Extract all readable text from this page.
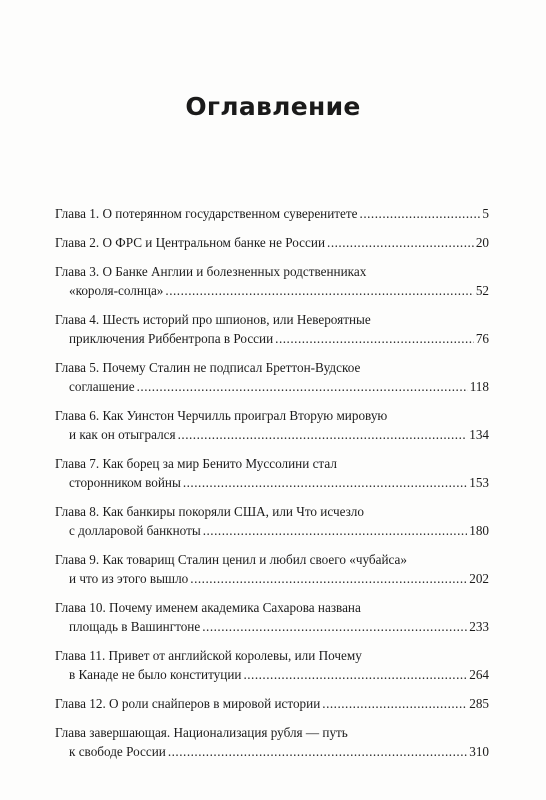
Оглавление
Глава 1. О потерянном государственном суверенитете .....	5
Глава 2. О ФРС и Центральном банке не России .....	20
Глава 3. О Банке Англии и болезненных родственниках
«короля-солнца» .....	52
Глава 4. Шесть историй про шпионов, или Невероятные
приключения Риббентропа в России .....	76
Глава 5. Почему Сталин не подписал Бреттон-Вудское
соглашение .....	118
Глава 6. Как Уинстон Черчилль проиграл Вторую мировую
и как он отыгрался .....	134
Глава 7. Как борец за мир Бенито Муссолини стал
сторонником войны .....	153
Глава 8. Как банкиры покоряли США, или Что исчезло
с долларовой банкноты .....	180
Глава 9. Как товарищ Сталин ценил и любил своего «чубайса»
и что из этого вышло .....	202
Глава 10. Почему именем академика Сахарова названа
площадь в Вашингтоне .....	233
Глава 11. Привет от английской королевы, или Почему
в Канаде не было конституции .....	264
Глава 12. О роли снайперов в мировой истории .....	285
Глава завершающая. Национализация рубля — путь
к свободе России .....	310
